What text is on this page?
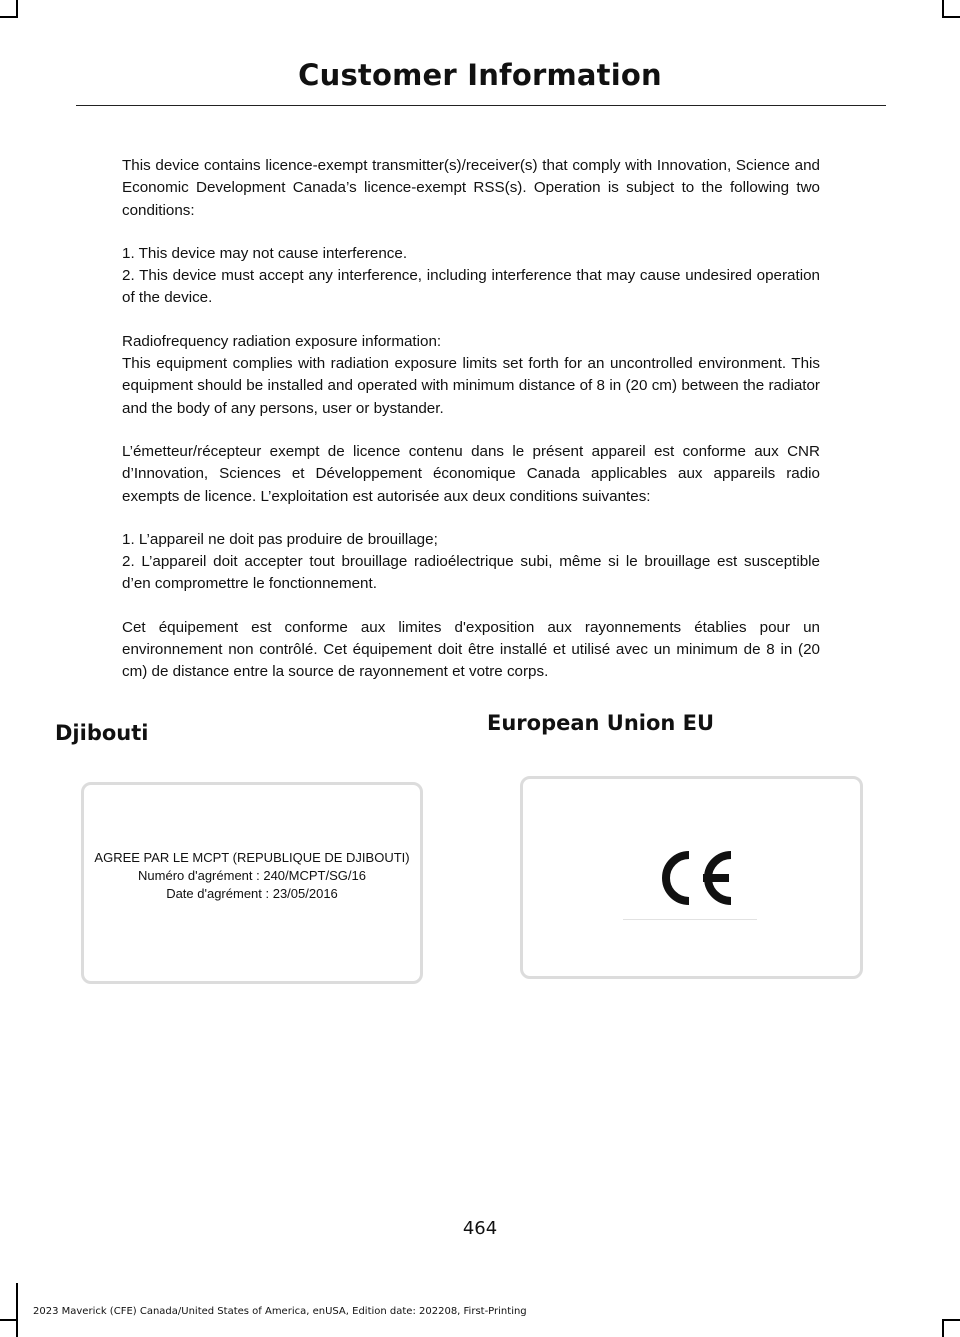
Customer Information

This device contains licence-exempt transmitter(s)/receiver(s) that comply with Innovation, Science and Economic Development Canada’s licence-exempt RSS(s). Operation is subject to the following two conditions:

1. This device may not cause interference.
2. This device must accept any interference, including interference that may cause undesired operation of the device.

Radiofrequency radiation exposure information:
This equipment complies with radiation exposure limits set forth for an uncontrolled environment. This equipment should be installed and operated with minimum distance of 8 in (20 cm) between the radiator and the body of any persons, user or bystander.

L’émetteur/récepteur exempt de licence contenu dans le présent appareil est conforme aux CNR d’Innovation, Sciences et Développement économique Canada applicables aux appareils radio exempts de licence. L’exploitation est autorisée aux deux conditions suivantes:

1. L’appareil ne doit pas produire de brouillage;
2. L’appareil doit accepter tout brouillage radioélectrique subi, même si le brouillage est susceptible d’en compromettre le fonctionnement.

Cet équipement est conforme aux limites d'exposition aux rayonnements établies pour un environnement non contrôlé. Cet équipement doit être installé et utilisé avec un minimum de 8 in (20 cm) de distance entre la source de rayonnement et votre corps.

Djibouti	European Union EU
AGREE PAR LE MCPT (REPUBLIQUE DE DJIBOUTI)
Numéro d'agrément : 240/MCPT/SG/16
Date d'agrément : 23/05/2016
464
2023 Maverick (CFE) Canada/United States of America, enUSA, Edition date: 202208, First-Printing
